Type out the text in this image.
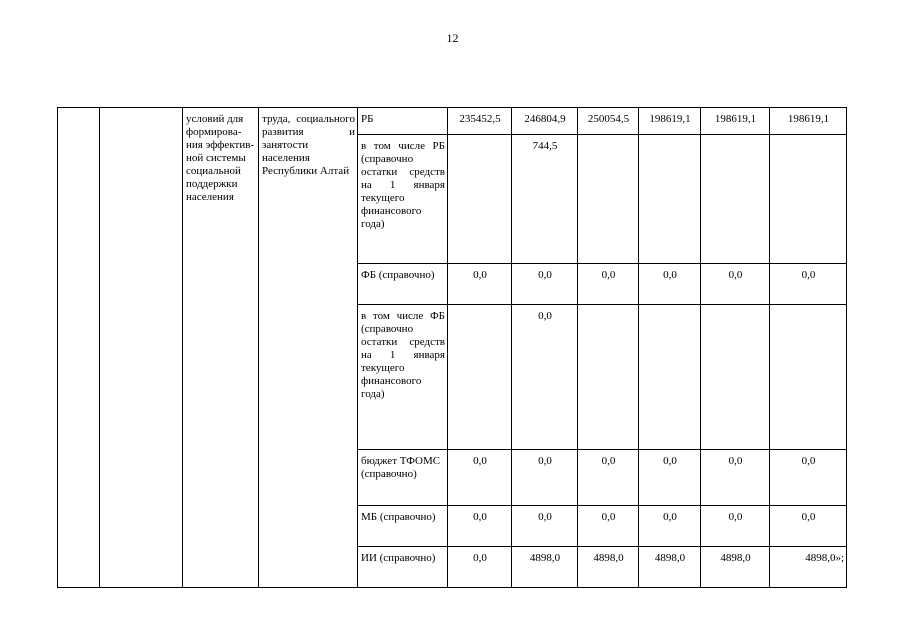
12
		условий для формирова-ния эффектив-ной системы социальной поддержки населения	труда, социального развития и занятости населения Республики Алтай	РБ	235452,5	246804,9	250054,5	198619,1	198619,1	198619,1
				в том числе РБ (справочно остатки средств на 1 января текущего финансового года)		744,5				
				ФБ (справочно)	0,0	0,0	0,0	0,0	0,0	0,0
				в том числе ФБ (справочно остатки средств на 1 января текущего финансового года)		0,0				
				бюджет ТФОМС (справочно)	0,0	0,0	0,0	0,0	0,0	0,0
				МБ (справочно)	0,0	0,0	0,0	0,0	0,0	0,0
				ИИ (справочно)	0,0	4898,0	4898,0	4898,0	4898,0	4898,0»;
